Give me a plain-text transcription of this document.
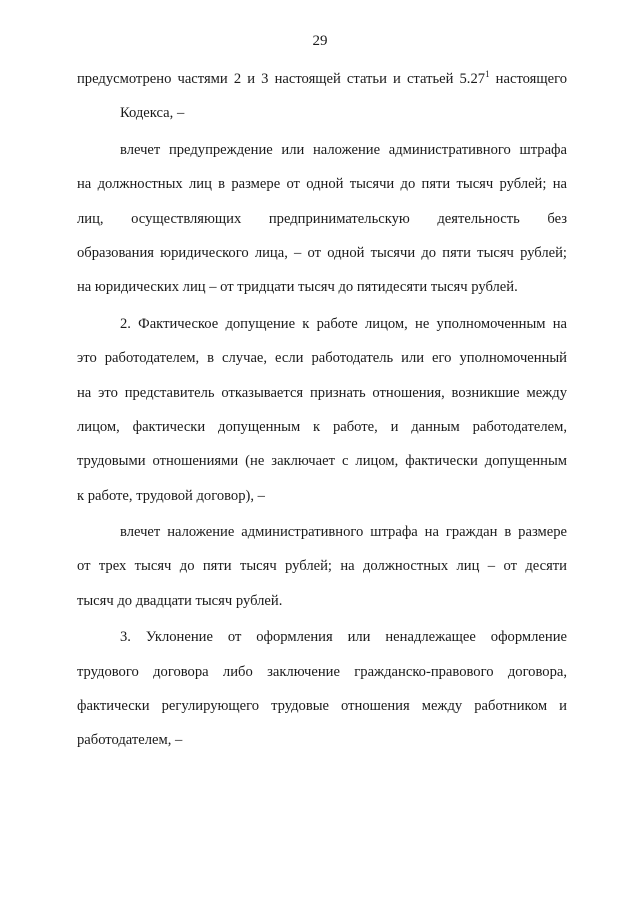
29
предусмотрено частями 2 и 3 настоящей статьи и статьей 5.27$^1$ настоящего
Кодекса, –
влечет предупреждение или наложение административного штрафа
на должностных лиц в размере от одной тысячи до пяти тысяч рублей; на
лиц, осуществляющих предпринимательскую деятельность без
образования юридического лица, – от одной тысячи до пяти тысяч рублей;
на юридических лиц – от тридцати тысяч до пятидесяти тысяч рублей.
2. Фактическое допущение к работе лицом, не уполномоченным на
это работодателем, в случае, если работодатель или его уполномоченный
на это представитель отказывается признать отношения, возникшие между
лицом, фактически допущенным к работе, и данным работодателем,
трудовыми отношениями (не заключает с лицом, фактически допущенным
к работе, трудовой договор), –
влечет наложение административного штрафа на граждан в размере
от трех тысяч до пяти тысяч рублей; на должностных лиц – от десяти
тысяч до двадцати тысяч рублей.
3. Уклонение от оформления или ненадлежащее оформление
трудового договора либо заключение гражданско-правового договора,
фактически регулирующего трудовые отношения между работником и
работодателем, –
